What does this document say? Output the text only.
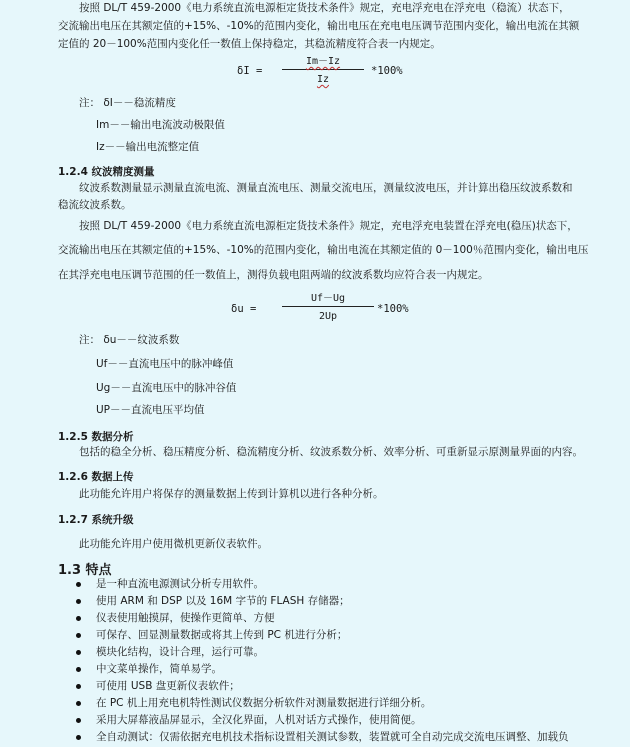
按照 DL/T 459-2000《电力系统直流电源柜定货技术条件》规定，充电浮充电在浮充电（稳流）状态下，
交流输出电压在其额定值的+15%、-10%的范围内变化，输出电压在充电电压调节范围内变化，输出电流在其额
定值的 20－100%范围内变化任一数值上保持稳定，其稳流精度符合表一内规定。
$\delta I = \frac{Im-Iz}{Iz} *100\%$
注： δI－－稳流精度
Im－－输出电流波动极限值
Iz－－输出电流整定值
1.2.4 纹波精度测量
纹波系数测量显示测量直流电流、测量直流电压、测量交流电压，测量纹波电压，并计算出稳压纹波系数和
稳流纹波系数。
按照 DL/T 459-2000《电力系统直流电源柜定货技术条件》规定，充电浮充电装置在浮充电(稳压)状态下，
交流输出电压在其额定值的+15%、-10%的范围内变化，输出电流在其额定值的 0－100％范围内变化，输出电压
在其浮充电电压调节范围的任一数值上，测得负载电阻两端的纹波系数均应符合表一内规定。
δu =
Uf－Ug
2Up
*100%
注： δu－－纹波系数
Uf－－直流电压中的脉冲峰值
Ug－－直流电压中的脉冲谷值
UP－－直流电压平均值
1.2.5 数据分析
包括的稳全分析、稳压精度分析、稳流精度分析、纹波系数分析、效率分析、可重新显示原测量界面的内容。
1.2.6 数据上传
此功能允许用户将保存的测量数据上传到计算机以进行各种分析。
1.2.7 系统升级
此功能允许用户使用微机更新仪表软件。
1.3 特点
是一种直流电源测试分析专用软件。
使用 ARM 和 DSP 以及 16M 字节的 FLASH 存储器；
仪表使用触摸屏，使操作更简单、方便
可保存、回显测量数据或将其上传到 PC 机进行分析；
模块化结构，设计合理，运行可靠。
中文菜单操作，简单易学。
可使用 USB 盘更新仪表软件；
在 PC 机上用充电机特性测试仪数据分析软件对测量数据进行详细分析。
采用大屏幕液晶屏显示，全汉化界面，人机对话方式操作，使用简便。
全自动测试：仅需依据充电机技术指标设置相关测试参数，装置就可全自动完成交流电压调整、加载负
